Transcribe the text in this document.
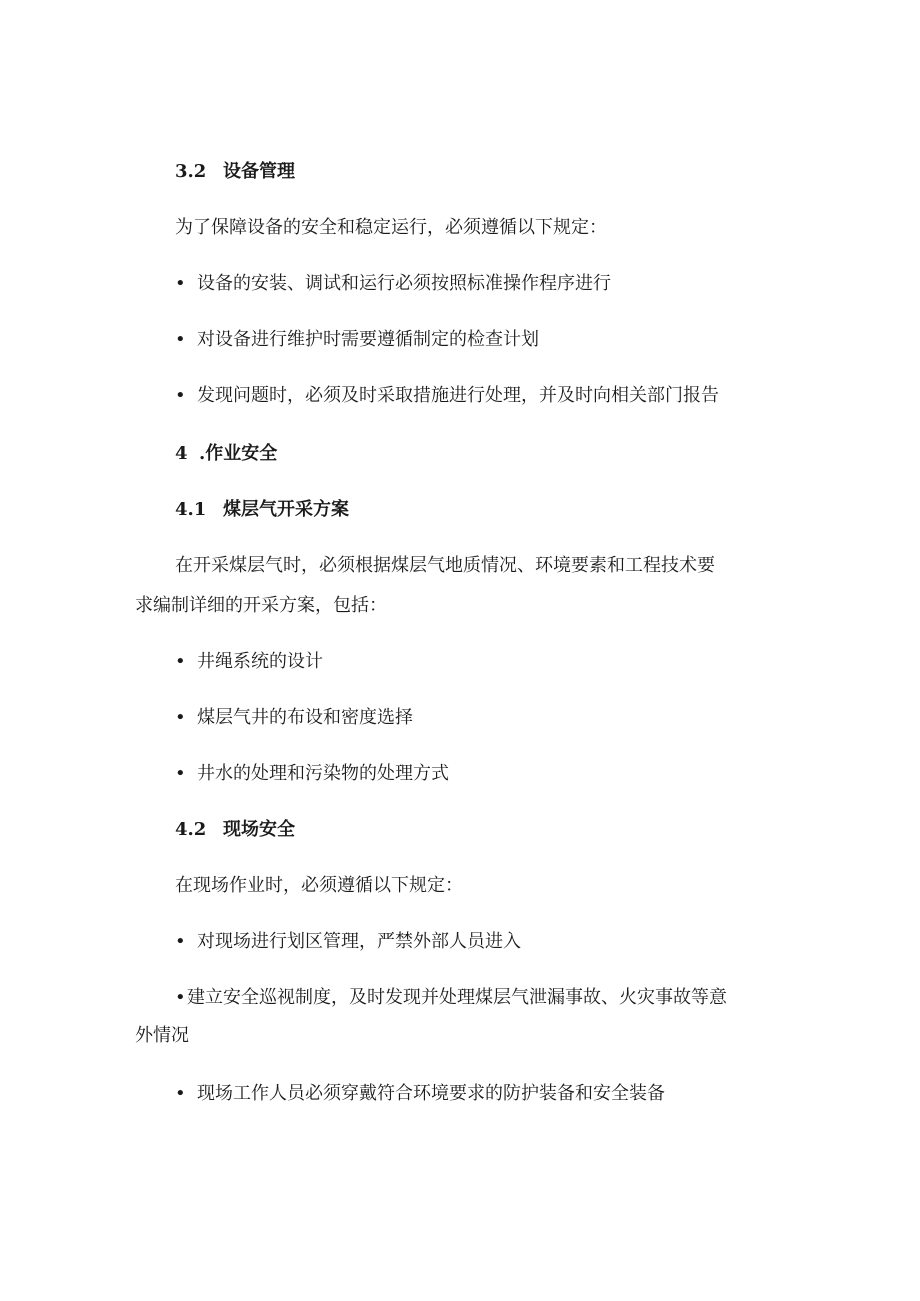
3.2 设备管理
为了保障设备的安全和稳定运行，必须遵循以下规定：
• 设备的安装、调试和运行必须按照标准操作程序进行
• 对设备进行维护时需要遵循制定的检查计划
• 发现问题时，必须及时采取措施进行处理，并及时向相关部门报告
4 .作业安全
4.1 煤层气开采方案
在开采煤层气时，必须根据煤层气地质情况、环境要素和工程技术要
求编制详细的开采方案，包括：
• 井绳系统的设计
• 煤层气井的布设和密度选择
• 井水的处理和污染物的处理方式
4.2 现场安全
在现场作业时，必须遵循以下规定：
• 对现场进行划区管理，严禁外部人员进入
•建立安全巡视制度，及时发现并处理煤层气泄漏事故、火灾事故等意
外情况
• 现场工作人员必须穿戴符合环境要求的防护装备和安全装备
